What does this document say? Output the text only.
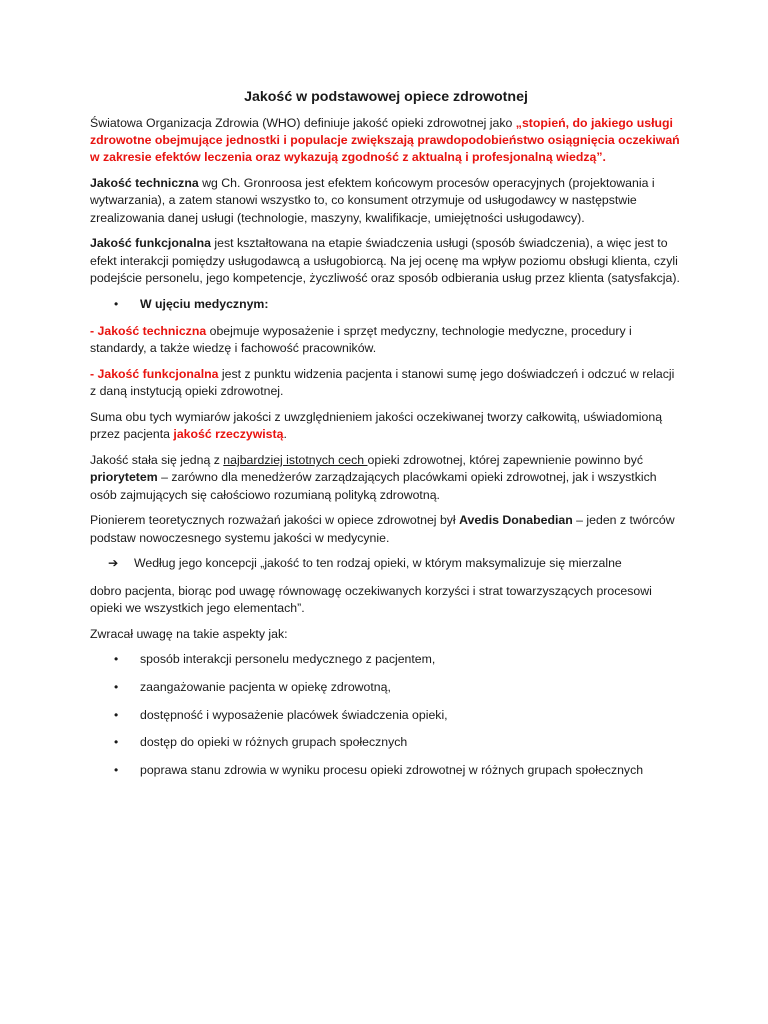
Jakość w podstawowej opiece zdrowotnej

Światowa Organizacja Zdrowia (WHO) definiuje jakość opieki zdrowotnej jako „stopień, do jakiego usługi zdrowotne obejmujące jednostki i populacje zwiększają prawdopodobieństwo osiągnięcia oczekiwań w zakresie efektów leczenia oraz wykazują zgodność z aktualną i profesjonalną wiedzą”.

Jakość techniczna wg Ch. Gronroosa jest efektem końcowym procesów operacyjnych (projektowania i wytwarzania), a zatem stanowi wszystko to, co konsument otrzymuje od usługodawcy w następstwie zrealizowania danej usługi (technologie, maszyny, kwalifikacje, umiejętności usługodawcy).

Jakość funkcjonalna jest kształtowana na etapie świadczenia usługi (sposób świadczenia), a więc jest to efekt interakcji pomiędzy usługodawcą a usługobiorcą. Na jej ocenę ma wpływ poziomu obsługi klienta, czyli podejście personelu, jego kompetencje, życzliwość oraz sposób odbierania usług przez klienta (satysfakcja).

• W ujęciu medycznym:

- Jakość techniczna obejmuje wyposażenie i sprzęt medyczny, technologie medyczne, procedury i standardy, a także wiedzę i fachowość pracowników.

- Jakość funkcjonalna jest z punktu widzenia pacjenta i stanowi sumę jego doświadczeń i odczuć w relacji z daną instytucją opieki zdrowotnej.

Suma obu tych wymiarów jakości z uwzględnieniem jakości oczekiwanej tworzy całkowitą, uświadomioną przez pacjenta jakość rzeczywistą.

Jakość stała się jedną z najbardziej istotnych cech opieki zdrowotnej, której zapewnienie powinno być priorytetem – zarówno dla menedżerów zarządzających placówkami opieki zdrowotnej, jak i wszystkich osób zajmujących się całościowo rozumianą polityką zdrowotną.

Pionierem teoretycznych rozważań jakości w opiece zdrowotnej był Avedis Donabedian – jeden z twórców podstaw nowoczesnego systemu jakości w medycynie.

➔ Według jego koncepcji „jakość to ten rodzaj opieki, w którym maksymalizuje się mierzalne

dobro pacjenta, biorąc pod uwagę równowagę oczekiwanych korzyści i strat towarzyszących procesowi opieki we wszystkich jego elementach”.

Zwracał uwagę na takie aspekty jak:

• sposób interakcji personelu medycznego z pacjentem,
• zaangażowanie pacjenta w opiekę zdrowotną,
• dostępność i wyposażenie placówek świadczenia opieki,
• dostęp do opieki w różnych grupach społecznych
• poprawa stanu zdrowia w wyniku procesu opieki zdrowotnej w różnych grupach społecznych
